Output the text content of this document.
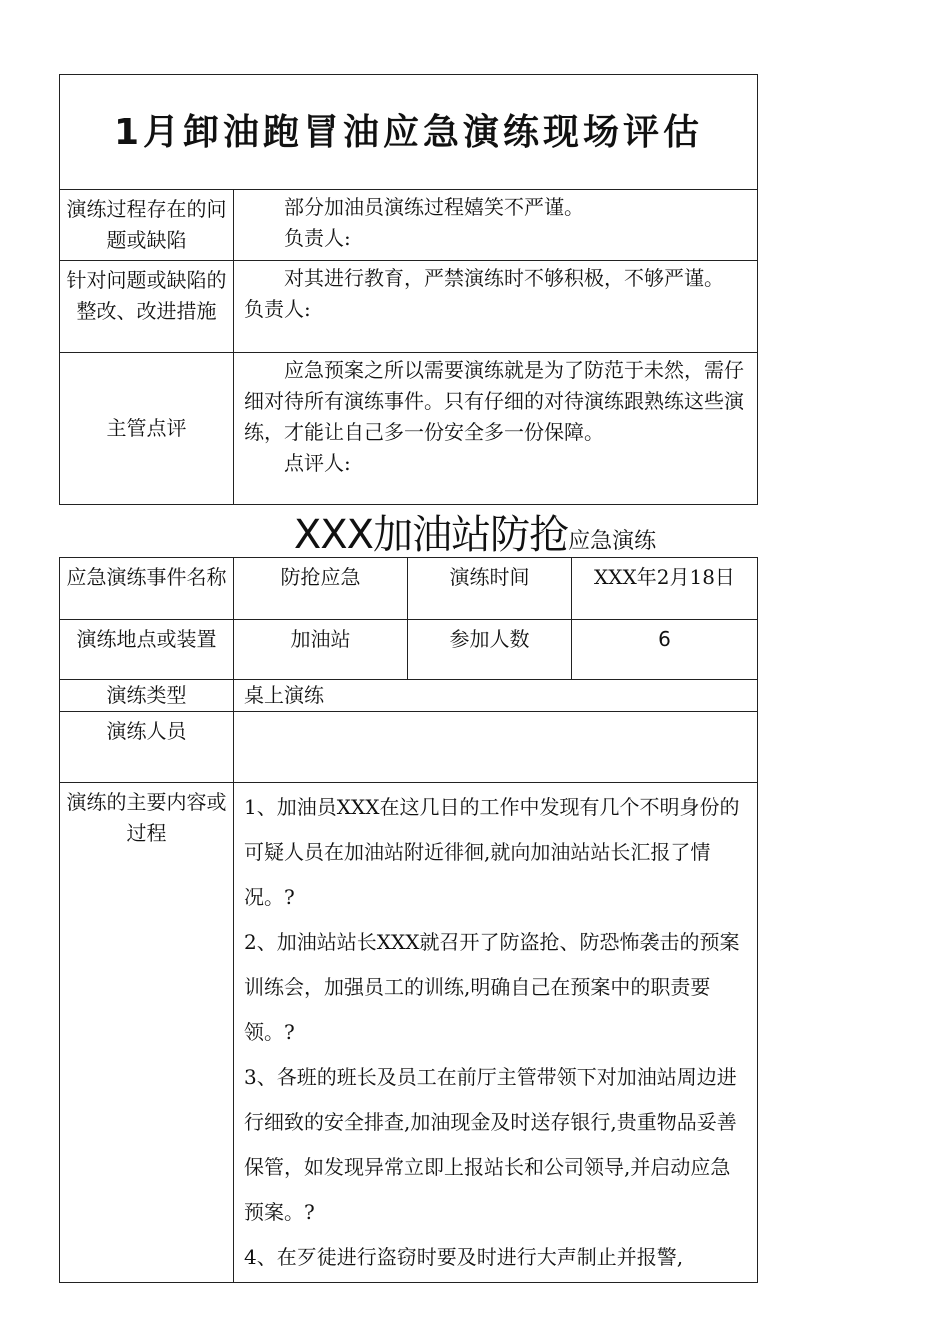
1月卸油跑冒油应急演练现场评估	
演练过程存在的问题或缺陷	部分加油员演练过程嬉笑不严谨。
负责人:

针对问题或缺陷的整改、改进措施	对其进行教育，严禁演练时不够积极，不够严谨。
负责人:

主管点评	应急预案之所以需要演练就是为了防范于未然，需仔细对待所有演练事件。只有仔细的对待演练跟熟练这些演练，才能让自己多一份安全多一份保障。
点评人:
XXX加油站防抢应急演练
应急演练事件名称	防抢应急	演练时间	XXX年2月18日
演练地点或装置	加油站	参加人数	6
演练类型	桌上演练		
演练人员			
演练的主要内容或过程	1、加油员XXX在这几日的工作中发现有几个不明身份的可疑人员在加油站附近徘徊,就向加油站站长汇报了情况。?

2、加油站站长XXX就召开了防盗抢、防恐怖袭击的预案训练会，加强员工的训练,明确自己在预案中的职责要领。?

3、各班的班长及员工在前厅主管带领下对加油站周边进行细致的安全排查,加油现金及时送存银行,贵重物品妥善保管，如发现异常立即上报站长和公司领导,并启动应急预案。?

4、在歹徒进行盗窃时要及时进行大声制止并报警,		
